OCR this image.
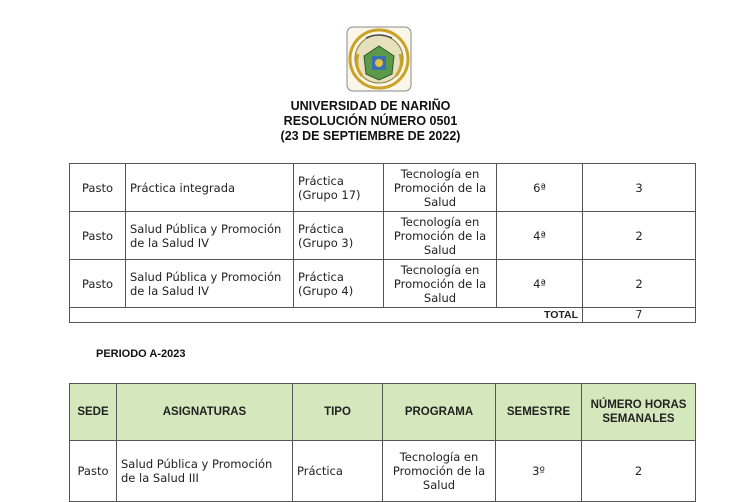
UNIVERSIDAD DE NARIÑO
RESOLUCIÓN NÚMERO 0501
(23 DE SEPTIEMBRE DE 2022)
Pasto	Práctica integrada	Práctica (Grupo 17)	Tecnología en Promoción de la Salud	6ª	3
Pasto	Salud Pública y Promoción de la Salud IV	Práctica (Grupo 3)	Tecnología en Promoción de la Salud	4ª	2
Pasto	Salud Pública y Promoción de la Salud IV	Práctica (Grupo 4)	Tecnología en Promoción de la Salud	4ª	2
TOTAL					7
PERIODO A-2023
SEDE	ASIGNATURAS	TIPO	PROGRAMA	SEMESTRE	NÚMERO HORAS SEMANALES
Pasto	Salud Pública y Promoción de la Salud III	Práctica	Tecnología en Promoción de la Salud	3º	2
